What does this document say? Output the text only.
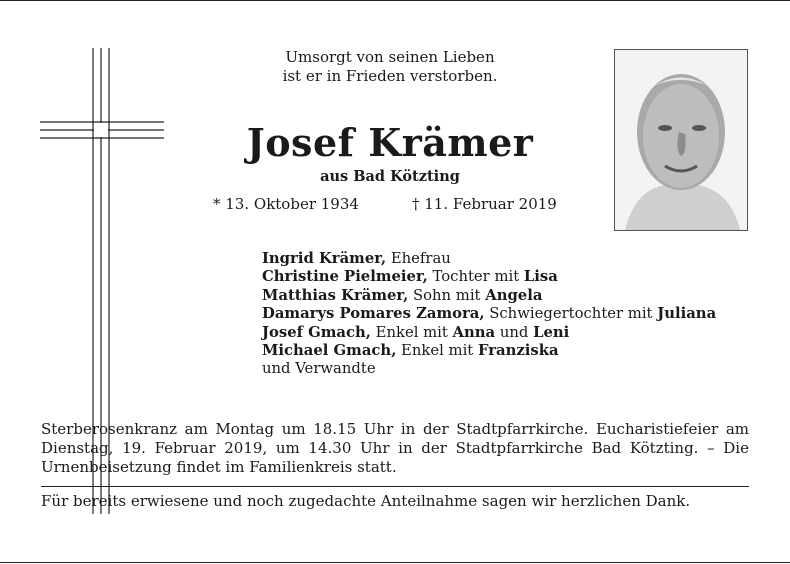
Umsorgt von seinen Lieben
ist er in Frieden verstorben.
Josef Krämer
aus Bad Kötzting
* 13. Oktober 1934	† 11. Februar 2019
Ingrid Krämer, Ehefrau
Christine Pielmeier, Tochter mit Lisa
Matthias Krämer, Sohn mit Angela
Damarys Pomares Zamora, Schwiegertochter mit Juliana
Josef Gmach, Enkel mit Anna und Leni
Michael Gmach, Enkel mit Franziska
und Verwandte
Sterberosenkranz am Montag um 18.15 Uhr in der Stadtpfarrkirche. Eucharistiefeier am Dienstag, 19. Februar 2019, um 14.30 Uhr in der Stadtpfarrkirche Bad Kötzting. – Die Urnenbeisetzung findet im Familienkreis statt.
Für bereits erwiesene und noch zugedachte Anteilnahme sagen wir herzlichen Dank.
